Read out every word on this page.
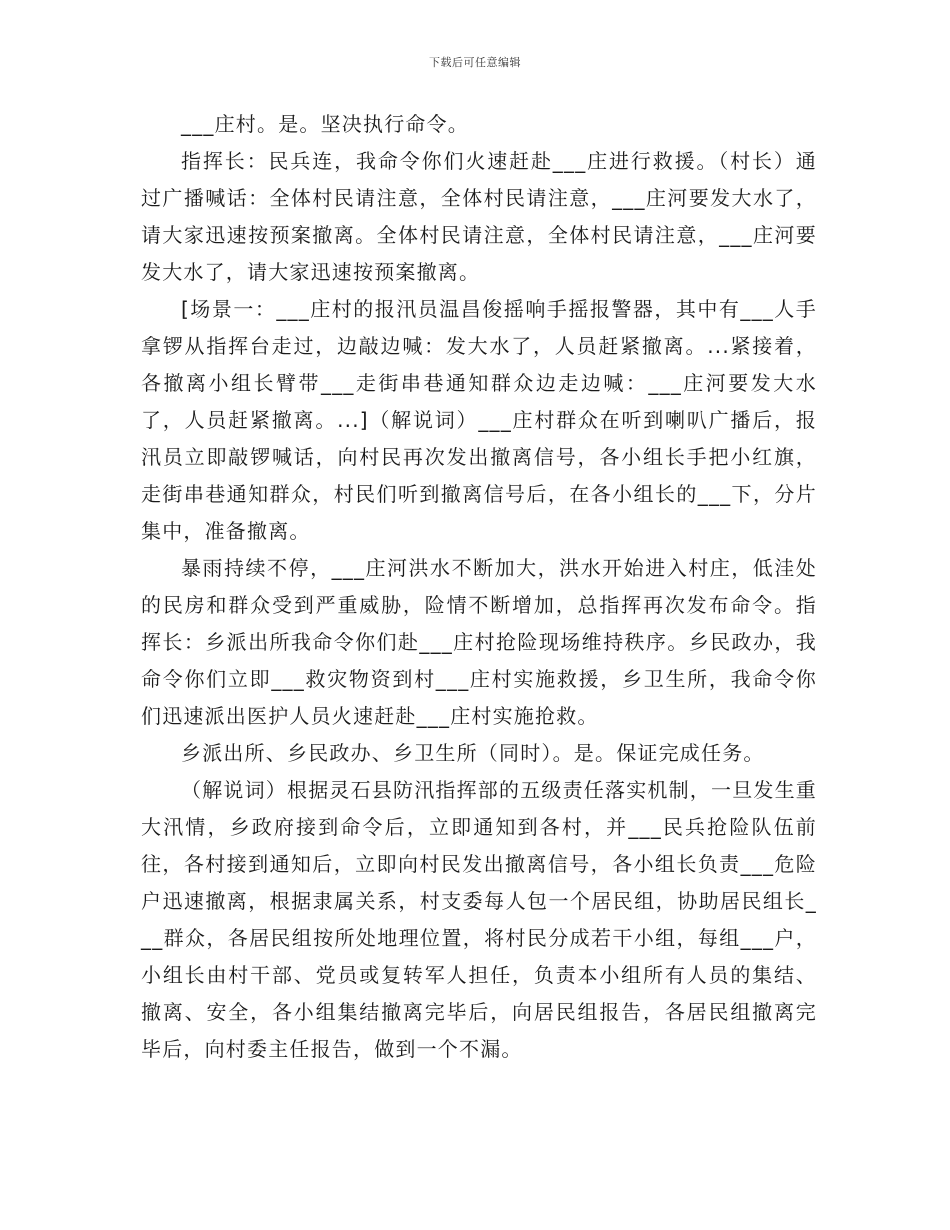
下载后可任意编辑

___庄村。是。坚决执行命令。

指挥长：民兵连，我命令你们火速赶赴___庄进行救援。（村长）通过广播喊话：全体村民请注意，全体村民请注意，___庄河要发大水了，请大家迅速按预案撤离。全体村民请注意，全体村民请注意，___庄河要发大水了，请大家迅速按预案撤离。

[场景一：___庄村的报汛员温昌俊摇响手摇报警器，其中有___人手拿锣从指挥台走过，边敲边喊：发大水了，人员赶紧撤离。...紧接着，各撤离小组长臂带___走街串巷通知群众边走边喊：___庄河要发大水了，人员赶紧撤离。...]（解说词）___庄村群众在听到喇叭广播后，报汛员立即敲锣喊话，向村民再次发出撤离信号，各小组长手把小红旗，走街串巷通知群众，村民们听到撤离信号后，在各小组长的___下，分片集中，准备撤离。

暴雨持续不停，___庄河洪水不断加大，洪水开始进入村庄，低洼处的民房和群众受到严重威胁，险情不断增加，总指挥再次发布命令。指挥长：乡派出所我命令你们赴___庄村抢险现场维持秩序。乡民政办，我命令你们立即___救灾物资到村___庄村实施救援，乡卫生所，我命令你们迅速派出医护人员火速赶赴___庄村实施抢救。

乡派出所、乡民政办、乡卫生所（同时）。是。保证完成任务。

（解说词）根据灵石县防汛指挥部的五级责任落实机制，一旦发生重大汛情，乡政府接到命令后，立即通知到各村，并___民兵抢险队伍前往，各村接到通知后，立即向村民发出撤离信号，各小组长负责___危险户迅速撤离，根据隶属关系，村支委每人包一个居民组，协助居民组长___群众，各居民组按所处地理位置，将村民分成若干小组，每组___户，小组长由村干部、党员或复转军人担任，负责本小组所有人员的集结、撤离、安全，各小组集结撤离完毕后，向居民组报告，各居民组撤离完毕后，向村委主任报告，做到一个不漏。
